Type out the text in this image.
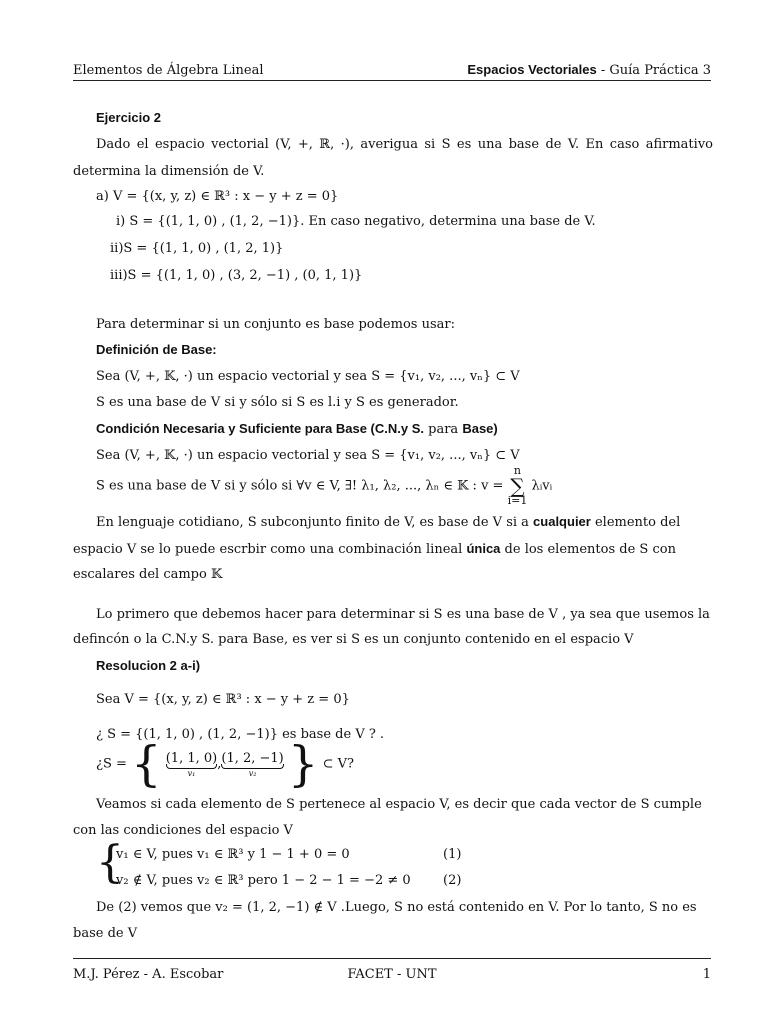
Elementos de Álgebra Lineal	Espacios Vectoriales - Guía Práctica 3
Ejercicio 2
Dado el espacio vectorial (V, +, ℝ, ·), averigua si S es una base de V. En caso afirmativo
determina la dimensión de V.
a) V = {(x, y, z) ∈ ℝ³ : x − y + z = 0}
i) S = {(1, 1, 0) , (1, 2, −1)}. En caso negativo, determina una base de V.
ii)S = {(1, 1, 0) , (1, 2, 1)}
iii)S = {(1, 1, 0) , (3, 2, −1) , (0, 1, 1)}
Para determinar si un conjunto es base podemos usar:
Definición de Base:
Sea (V, +, 𝕂, ·) un espacio vectorial y sea S = {v₁, v₂, ..., vₙ} ⊂ V
S es una base de V si y sólo si S es l.i y S es generador.
Condición Necesaria y Suficiente para Base (C.N.y S. para Base)
Sea (V, +, 𝕂, ·) un espacio vectorial y sea S = {v₁, v₂, ..., vₙ} ⊂ V
S es una base de V si y sólo si ∀v ∈ V, ∃! λ₁, λ₂, ..., λₙ ∈ 𝕂 : v =
n
∑
i=1
λᵢvᵢ
En lenguaje cotidiano, S subconjunto finito de V, es base de V si a cualquier elemento del
espacio V se lo puede escrbir como una combinación lineal única de los elementos de S con
escalares del campo 𝕂
Lo primero que debemos hacer para determinar si S es una base de V , ya sea que usemos la
defincón o la C.N.y S. para Base, es ver si S es un conjunto contenido en el espacio V
Resolucion 2 a-i)
Sea V = {(x, y, z) ∈ ℝ³ : x − y + z = 0}
¿ S = {(1, 1, 0) , (1, 2, −1)} es base de V ? .
¿S = { (1, 1, 0)
v₁
,(1, 2, −1)
v₂ } ⊂ V?
Veamos si cada elemento de S pertenece al espacio V, es decir que cada vector de S cumple
con las condiciones del espacio V
{
v₁ ∈ V, pues v₁ ∈ ℝ³ y 1 − 1 + 0 = 0	(1)
v₂ ∉ V, pues v₂ ∈ ℝ³ pero 1 − 2 − 1 = −2 ≠ 0 (2)
De (2) vemos que v₂ = (1, 2, −1) ∉ V .Luego, S no está contenido en V. Por lo tanto, S no es
base de V
M.J. Pérez - A. Escobar	FACET - UNT	1
